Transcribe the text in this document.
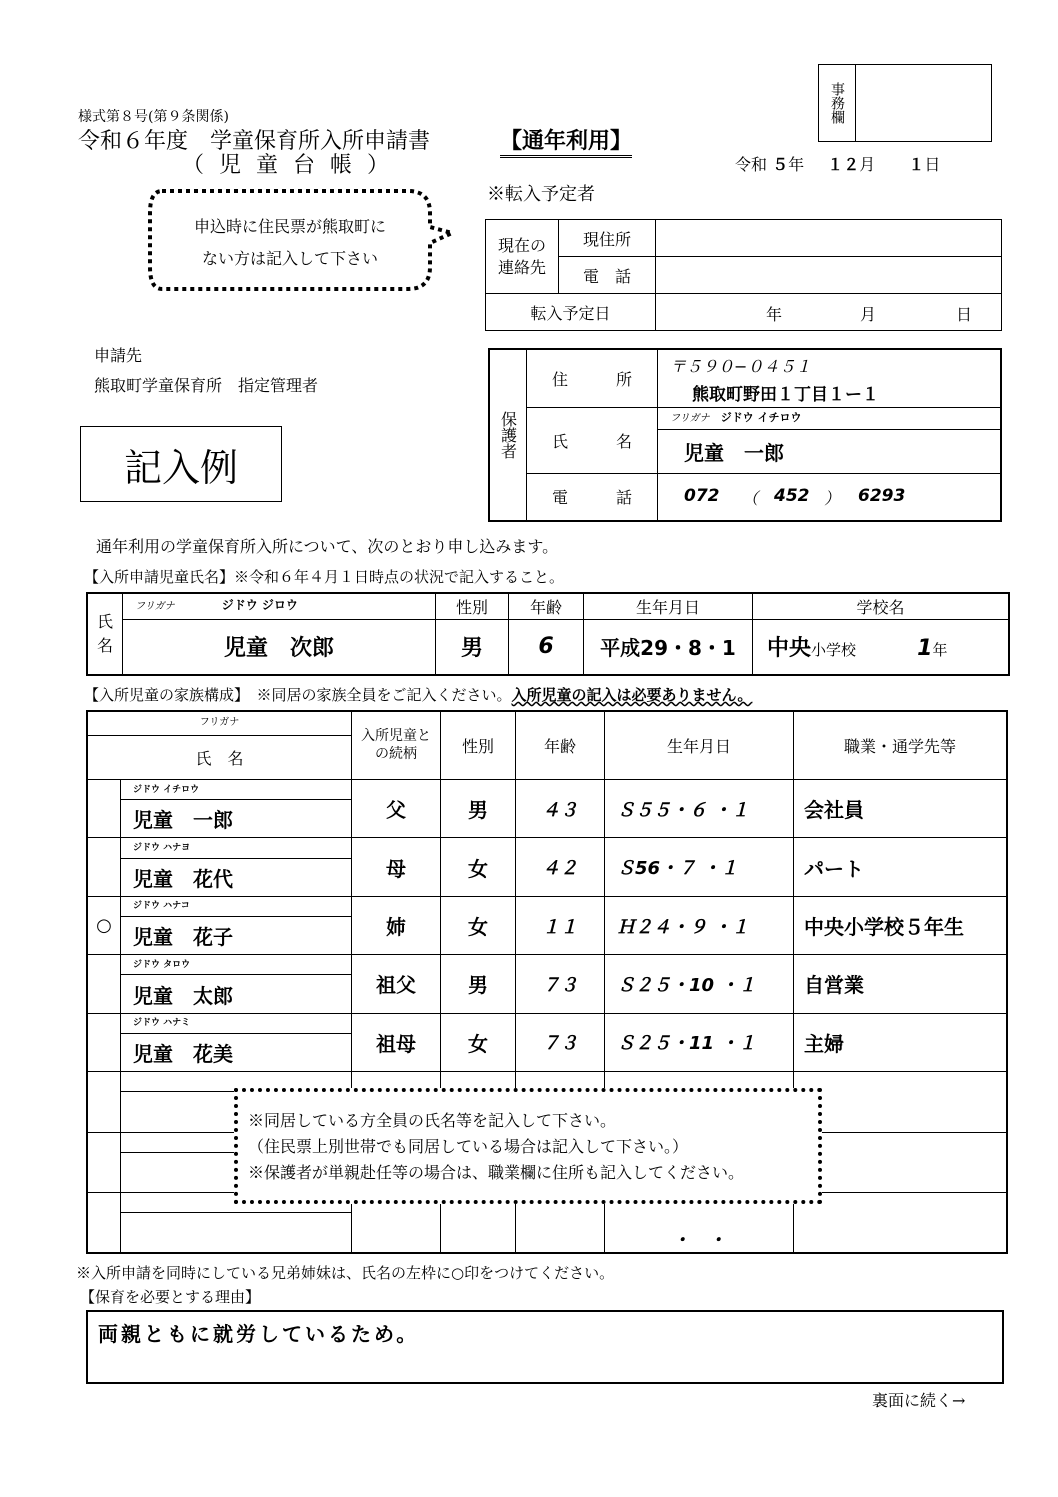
事務欄
様式第８号(第９条関係)
令和６年度　学童保育所入所申請書	【通年利用】
（ 児 童 台 帳 ）	令和 ５年 １２月 １日
申込時に住民票が熊取町に
ない方は記入して下さい
※転入予定者
現在の連絡先	現住所	
	電　話	
転入予定日		年 月 日
申請先
熊取町学童保育所　指定管理者
記入例
保護者	住　　　所	〒５９０−０４５１
熊取町野田１丁目１ー１

	氏　　　名	フリガナ ジドウ イチロウ
		児童　一郎
	電　　　話	072 （ 452 ） 6293
通年利用の学童保育所入所について、次のとおり申し込みます。
【入所申請児童氏名】※令和６年４月１日時点の状況で記入すること。
氏名	フリガナ ジドウ ジロウ	性別	年齢	生年月日	学校名
	児童　次郎	男	6	平成29・8・1	中央小学校 1年
【入所児童の家族構成】　※同居の家族全員をご記入ください。入所児童の記入は必要ありません。
フリガナ		入所児童との続柄	性別	年齢	生年月日	職業・通学先等
氏　名						
	ジドウ イチロウ	父	男	４３	Ｓ５５・６ ・１	会社員
	児童　一郎					
	ジドウ ハナヨ	母	女	４２	Ｓ56・７ ・１	パート
	児童　花代					
○	ジドウ ハナコ	姉	女	１１	Ｈ２４・９ ・１	中央小学校５年生
	児童　花子					
	ジドウ タロウ	祖父	男	７３	Ｓ２５・10 ・１	自営業
	児童　太郎					
	ジドウ ハナミ	祖母	女	７３	Ｓ２５・11 ・１	主婦
	児童　花美					

					・　・	

※同居している方全員の氏名等を記入して下さい。
（住民票上別世帯でも同居している場合は記入して下さい。）
※保護者が単親赴任等の場合は、職業欄に住所も記入してください。
※入所申請を同時にしている兄弟姉妹は、氏名の左枠に○印をつけてください。
【保育を必要とする理由】
両親ともに就労しているため。
裏面に続く→
